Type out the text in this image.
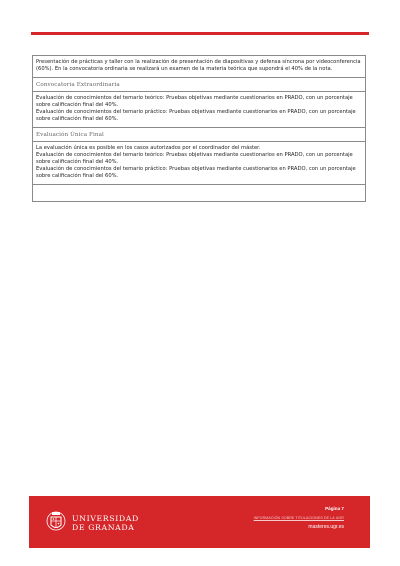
Presentación de prácticas y taller con la realización de presentación de diapositivas y defensa síncrona por videoconferencia (60%). En la convocatoria ordinaria se realizará un examen de la materia teórica que supondrá el 40% de la nota.
Convocatoria Extraordinaria
Evaluación de conocimientos del temario teórico: Pruebas objetivas mediante cuestionarios en PRADO, con un porcentaje sobre calificación final del 40%.
Evaluación de conocimientos del temario práctico: Pruebas objetivas mediante cuestionarios en PRADO, con un porcentaje sobre calificación final del 60%.
Evaluación Única Final
La evaluación única es posible en los casos autorizados por el coordinador del máster.
Evaluación de conocimientos del temario teórico: Pruebas objetivas mediante cuestionarios en PRADO, con un porcentaje sobre calificación final del 40%.
Evaluación de conocimientos del temario práctico: Pruebas objetivas mediante cuestionarios en PRADO, con un porcentaje sobre calificación final del 60%.
UNIVERSIDAD
DE GRANADA
Página 7
INFORMACIÓN SOBRE TITULACIONES DE LA UGR
masteres.ugr.es
